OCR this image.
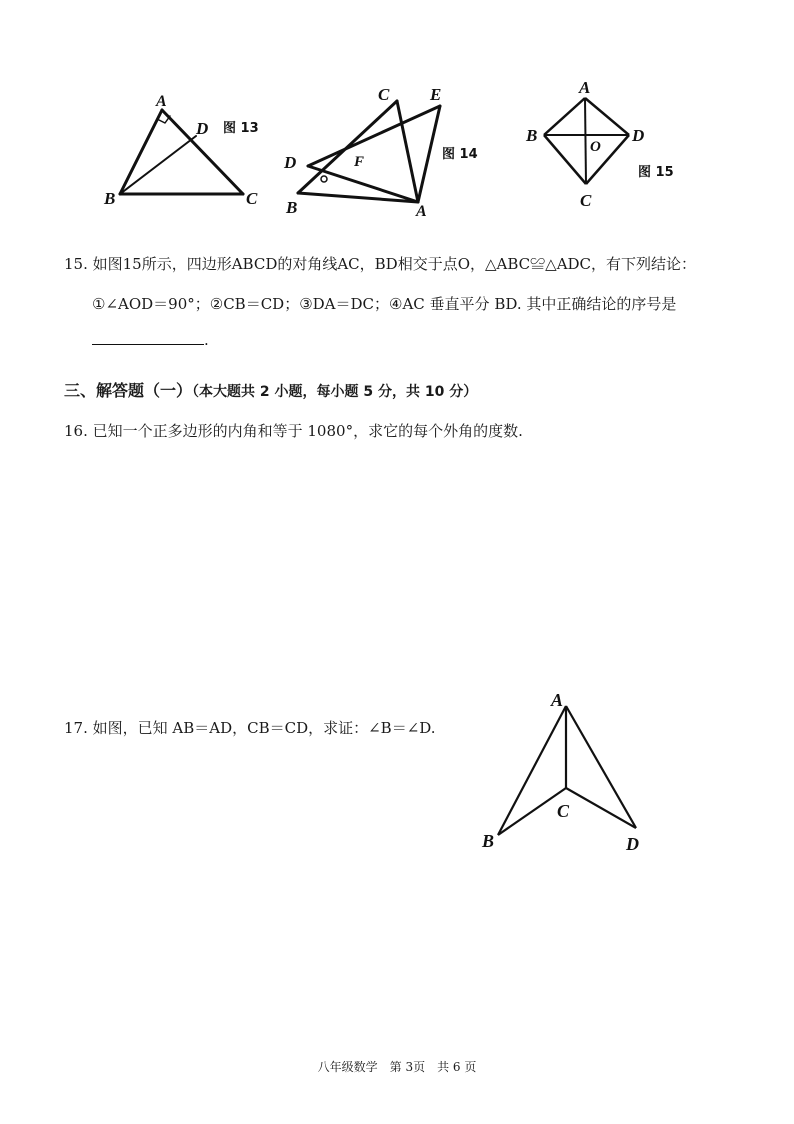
A
D
B	C
图 13
C E
D	F
B	A
图 14
A
B	D
O
C
图 15
15. 如图15所示，四边形ABCD的对角线AC，BD相交于点O，△ABC≌△ADC，有下列结论：
①∠AOD＝90°；②CB＝CD；③DA＝DC；④AC 垂直平分 BD. 其中正确结论的序号是
.
三、解答题（一）（本大题共 2 小题，每小题 5 分，共 10 分）
16. 已知一个正多边形的内角和等于 1080°，求它的每个外角的度数.
17. 如图，已知 AB＝AD，CB＝CD，求证：∠B＝∠D.
A
C
B	D
八年级数学 第 3页 共 6 页
